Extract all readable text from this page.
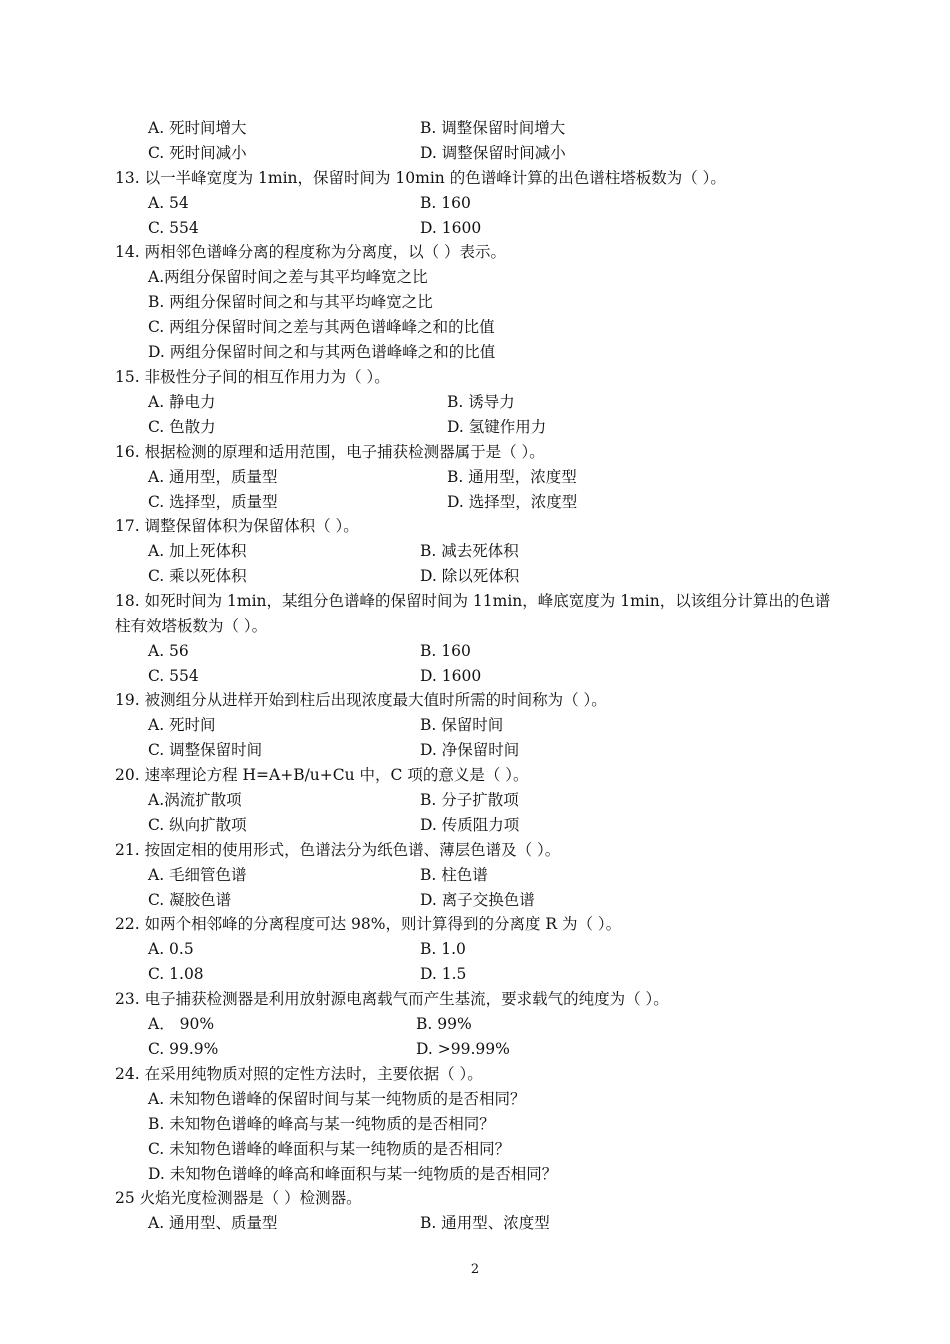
A. 死时间增大	B. 调整保留时间增大
C. 死时间减小	D. 调整保留时间减小
13. 以一半峰宽度为 1min，保留时间为 10min 的色谱峰计算的出色谱柱塔板数为（ ）。
A. 54	B. 160
C. 554	D. 1600
14. 两相邻色谱峰分离的程度称为分离度，以（ ）表示。
A.两组分保留时间之差与其平均峰宽之比
B. 两组分保留时间之和与其平均峰宽之比
C. 两组分保留时间之差与其两色谱峰峰之和的比值
D. 两组分保留时间之和与其两色谱峰峰之和的比值
15. 非极性分子间的相互作用力为（ ）。
A. 静电力	B. 诱导力
C. 色散力	D. 氢键作用力
16. 根据检测的原理和适用范围，电子捕获检测器属于是（ ）。
A. 通用型，质量型	B. 通用型，浓度型
C. 选择型，质量型	D. 选择型，浓度型
17. 调整保留体积为保留体积（ ）。
A. 加上死体积	B. 减去死体积
C. 乘以死体积	D. 除以死体积
18. 如死时间为 1min，某组分色谱峰的保留时间为 11min，峰底宽度为 1min，以该组分计算出的色谱
柱有效塔板数为（ ）。
A. 56	B. 160
C. 554	D. 1600
19. 被测组分从进样开始到柱后出现浓度最大值时所需的时间称为（ ）。
A. 死时间	B. 保留时间
C. 调整保留时间	D. 净保留时间
20. 速率理论方程 H=A+B/u+Cu 中，C 项的意义是（ ）。
A.涡流扩散项	B. 分子扩散项
C. 纵向扩散项	D. 传质阻力项
21. 按固定相的使用形式，色谱法分为纸色谱、薄层色谱及（ ）。
A. 毛细管色谱	B. 柱色谱
C. 凝胶色谱	D. 离子交换色谱
22. 如两个相邻峰的分离程度可达 98%，则计算得到的分离度 R 为（ ）。
A. 0.5	B. 1.0
C. 1.08	D. 1.5
23. 电子捕获检测器是利用放射源电离载气而产生基流，要求载气的纯度为（ ）。
A． 90%	B. 99%
C. 99.9%	D. >99.99%
24. 在采用纯物质对照的定性方法时，主要依据（ ）。
A. 未知物色谱峰的保留时间与某一纯物质的是否相同？
B. 未知物色谱峰的峰高与某一纯物质的是否相同？
C. 未知物色谱峰的峰面积与某一纯物质的是否相同？
D. 未知物色谱峰的峰高和峰面积与某一纯物质的是否相同？
25 火焰光度检测器是（ ）检测器。
A. 通用型、质量型	B. 通用型、浓度型
2
